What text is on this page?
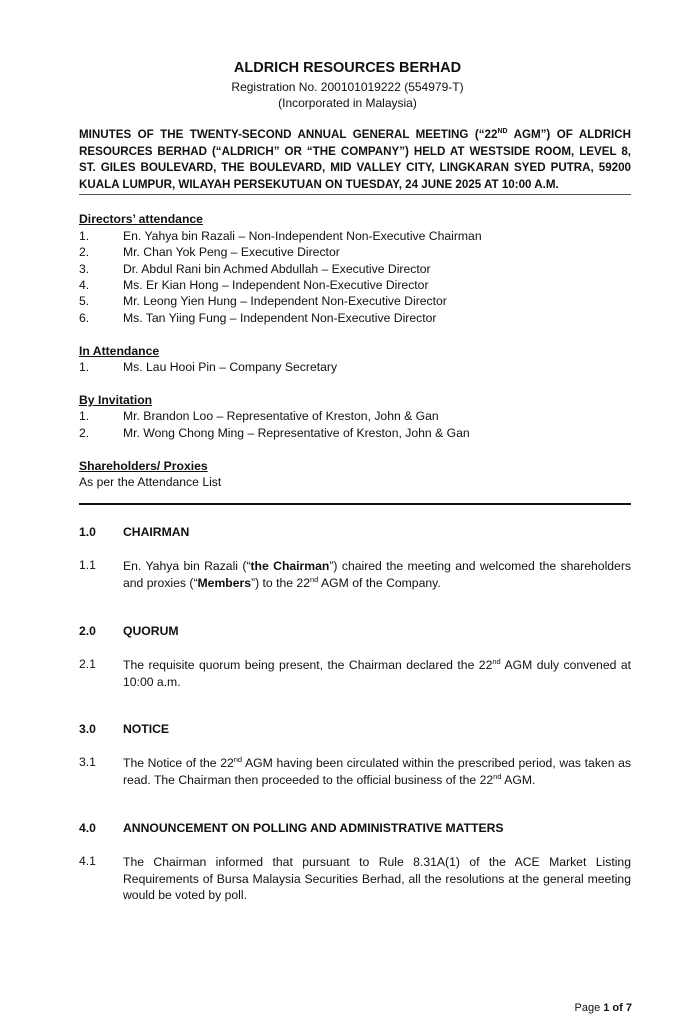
ALDRICH RESOURCES BERHAD
Registration No. 200101019222 (554979-T)
(Incorporated in Malaysia)
MINUTES OF THE TWENTY-SECOND ANNUAL GENERAL MEETING (“22ND AGM”) OF ALDRICH RESOURCES BERHAD (“ALDRICH” OR “THE COMPANY”) HELD AT WESTSIDE ROOM, LEVEL 8, ST. GILES BOULEVARD, THE BOULEVARD, MID VALLEY CITY, LINGKARAN SYED PUTRA, 59200 KUALA LUMPUR, WILAYAH PERSEKUTUAN ON TUESDAY, 24 JUNE 2025 AT 10:00 A.M.
Directors’ attendance
1.	En. Yahya bin Razali – Non-Independent Non-Executive Chairman
2.	Mr. Chan Yok Peng – Executive Director
3.	Dr. Abdul Rani bin Achmed Abdullah – Executive Director
4.	Ms. Er Kian Hong – Independent Non-Executive Director
5.	Mr. Leong Yien Hung – Independent Non-Executive Director
6.	Ms. Tan Yiing Fung – Independent Non-Executive Director
In Attendance
1.	Ms. Lau Hooi Pin – Company Secretary
By Invitation
1.	Mr. Brandon Loo – Representative of Kreston, John & Gan
2.	Mr. Wong Chong Ming – Representative of Kreston, John & Gan
Shareholders/ Proxies
As per the Attendance List
1.0 CHAIRMAN
1.1 En. Yahya bin Razali (“the Chairman”) chaired the meeting and welcomed the shareholders and proxies (“Members”) to the 22nd AGM of the Company.
2.0 QUORUM
2.1 The requisite quorum being present, the Chairman declared the 22nd AGM duly convened at 10:00 a.m.
3.0 NOTICE
3.1 The Notice of the 22nd AGM having been circulated within the prescribed period, was taken as read. The Chairman then proceeded to the official business of the 22nd AGM.
4.0 ANNOUNCEMENT ON POLLING AND ADMINISTRATIVE MATTERS
4.1 The Chairman informed that pursuant to Rule 8.31A(1) of the ACE Market Listing Requirements of Bursa Malaysia Securities Berhad, all the resolutions at the general meeting would be voted by poll.
Page 1 of 7
